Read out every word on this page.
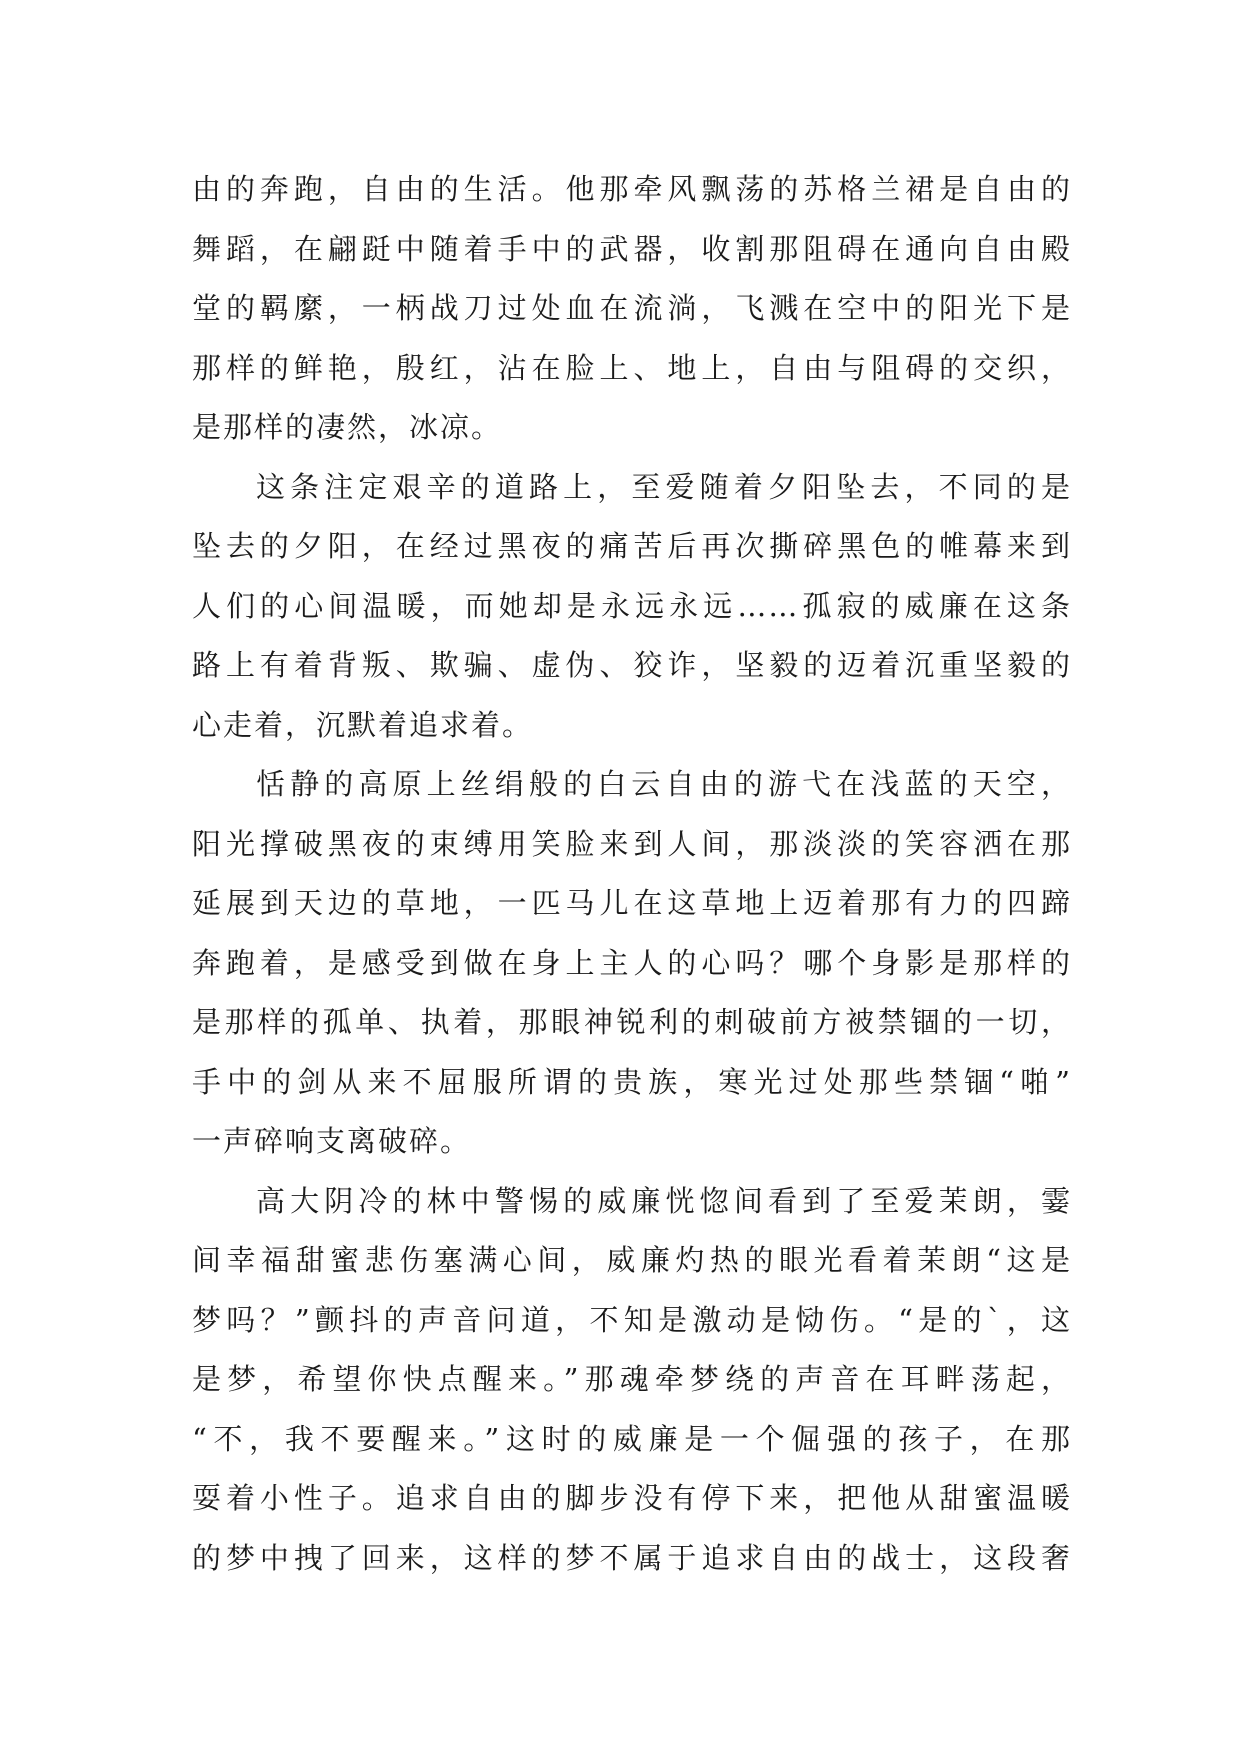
由的奔跑，自由的生活。他那牵风飘荡的苏格兰裙是自由的
舞蹈，在翩跹中随着手中的武器，收割那阻碍在通向自由殿
堂的羁縻，一柄战刀过处血在流淌，飞溅在空中的阳光下是
那样的鲜艳，殷红，沾在脸上、地上，自由与阻碍的交织，
是那样的凄然，冰凉。
这条注定艰辛的道路上，至爱随着夕阳坠去，不同的是
坠去的夕阳，在经过黑夜的痛苦后再次撕碎黑色的帷幕来到
人们的心间温暖，而她却是永远永远……孤寂的威廉在这条
路上有着背叛、欺骗、虚伪、狡诈，坚毅的迈着沉重坚毅的
心走着，沉默着追求着。
恬静的高原上丝绢般的白云自由的游弋在浅蓝的天空，
阳光撑破黑夜的束缚用笑脸来到人间，那淡淡的笑容洒在那
延展到天边的草地，一匹马儿在这草地上迈着那有力的四蹄
奔跑着，是感受到做在身上主人的心吗？哪个身影是那样的
是那样的孤单、执着，那眼神锐利的刺破前方被禁锢的一切，
手中的剑从来不屈服所谓的贵族，寒光过处那些禁锢“啪”
一声碎响支离破碎。
高大阴冷的林中警惕的威廉恍惚间看到了至爱茉朗，霎
间幸福甜蜜悲伤塞满心间，威廉灼热的眼光看着茉朗“这是
梦吗？”颤抖的声音问道，不知是激动是恸伤。“是的`，这
是梦，希望你快点醒来。”那魂牵梦绕的声音在耳畔荡起，
“不，我不要醒来。”这时的威廉是一个倔强的孩子，在那
耍着小性子。追求自由的脚步没有停下来，把他从甜蜜温暖
的梦中拽了回来，这样的梦不属于追求自由的战士，这段奢
